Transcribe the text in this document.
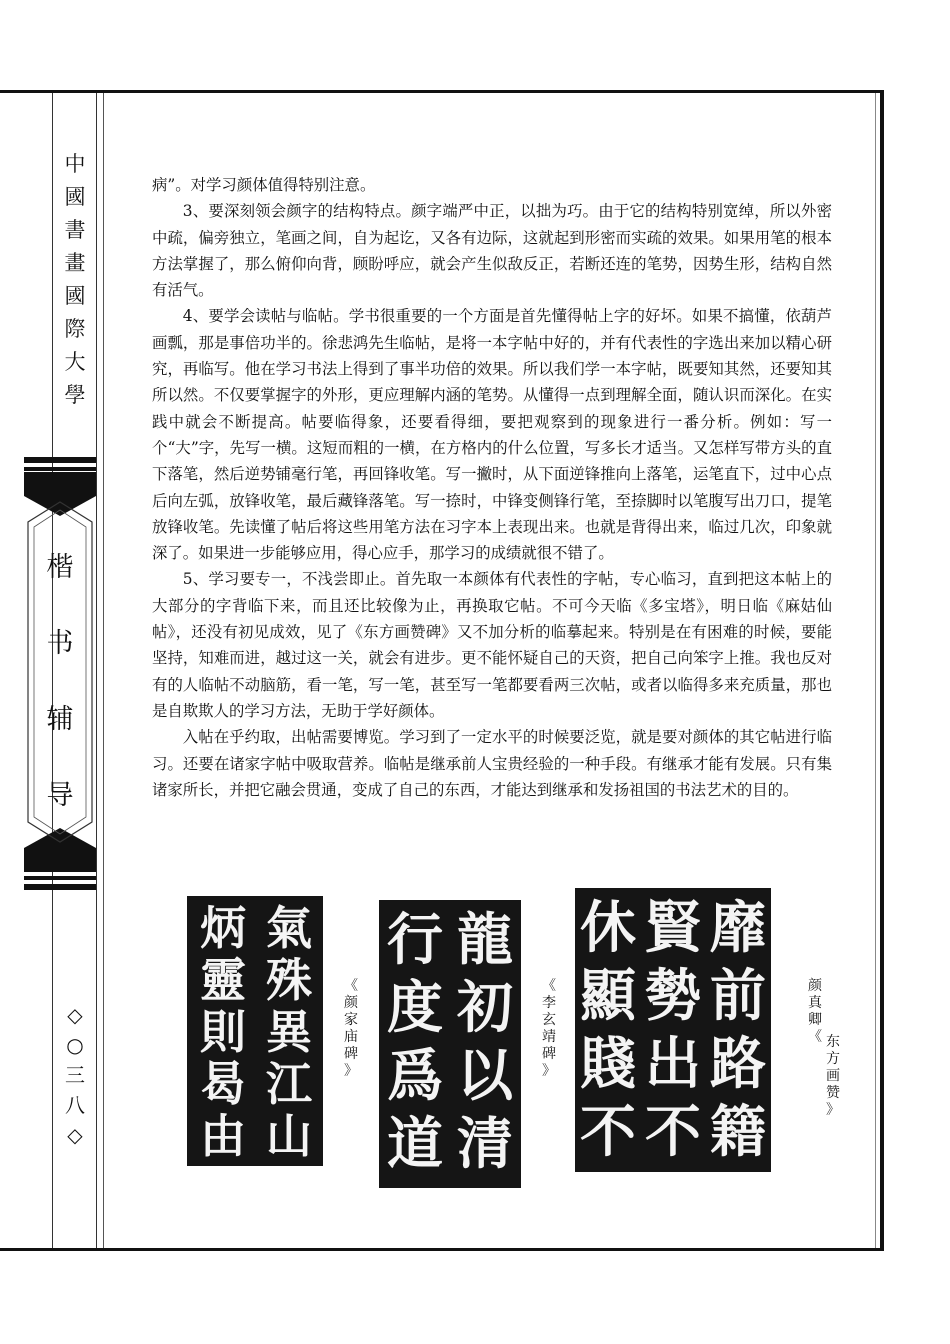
中
國
書
畫
國
際
大
學
楷
书
辅
导
◇
○
三
八
◇

病”。对学习颜体值得特别注意。

3、要深刻领会颜字的结构特点。颜字端严中正，以拙为巧。由于它的结构特别宽绰，所以外密中疏，偏旁独立，笔画之间，自为起讫，又各有边际，这就起到形密而实疏的效果。如果用笔的根本方法掌握了，那么俯仰向背，顾盼呼应，就会产生似敌反正，若断还连的笔势，因势生形，结构自然有活气。

4、要学会读帖与临帖。学书很重要的一个方面是首先懂得帖上字的好坏。如果不搞懂，依葫芦画瓢，那是事倍功半的。徐悲鸿先生临帖，是将一本字帖中好的，并有代表性的字选出来加以精心研究，再临写。他在学习书法上得到了事半功倍的效果。所以我们学一本字帖，既要知其然，还要知其所以然。不仅要掌握字的外形，更应理解内涵的笔势。从懂得一点到理解全面，随认识而深化。在实践中就会不断提高。帖要临得象，还要看得细，要把观察到的现象进行一番分析。例如：写一个“大”字，先写一横。这短而粗的一横，在方格内的什么位置，写多长才适当。又怎样写带方头的直下落笔，然后逆势铺毫行笔，再回锋收笔。写一撇时，从下面逆锋推向上落笔，运笔直下，过中心点后向左弧，放锋收笔，最后藏锋落笔。写一捺时，中锋变侧锋行笔，至捺脚时以笔腹写出刀口，提笔放锋收笔。先读懂了帖后将这些用笔方法在习字本上表现出来。也就是背得出来，临过几次，印象就深了。如果进一步能够应用，得心应手，那学习的成绩就很不错了。

5、学习要专一，不浅尝即止。首先取一本颜体有代表性的字帖，专心临习，直到把这本帖上的大部分的字背临下来，而且还比较像为止，再换取它帖。不可今天临《多宝塔》，明日临《麻姑仙帖》，还没有初见成效，见了《东方画赞碑》又不加分析的临摹起来。特别是在有困难的时候，要能坚持，知难而进，越过这一关，就会有进步。更不能怀疑自己的天资，把自己向笨字上推。我也反对有的人临帖不动脑筋，看一笔，写一笔，甚至写一笔都要看两三次帖，或者以临得多来充质量，那也是自欺欺人的学习方法，无助于学好颜体。

入帖在乎约取，出帖需要博览。学习到了一定水平的时候要泛览，就是要对颜体的其它帖进行临习。还要在诸家字帖中吸取营养。临帖是继承前人宝贵经验的一种手段。有继承才能有发展。只有集诸家所长，并把它融会贯通，变成了自己的东西，才能达到继承和发扬祖国的书法艺术的目的。

氣
殊
異
江
山
炳
靈
則
曷
由
《
颜
家
庙
碑
》
龍
初
以
清
行
度
爲
道
《
李
玄
靖
碑
》
靡
前
路
籍
賢
勢
出
不
休
顯
賤
不
颜
真
卿
《 东
方
画
赞
》
